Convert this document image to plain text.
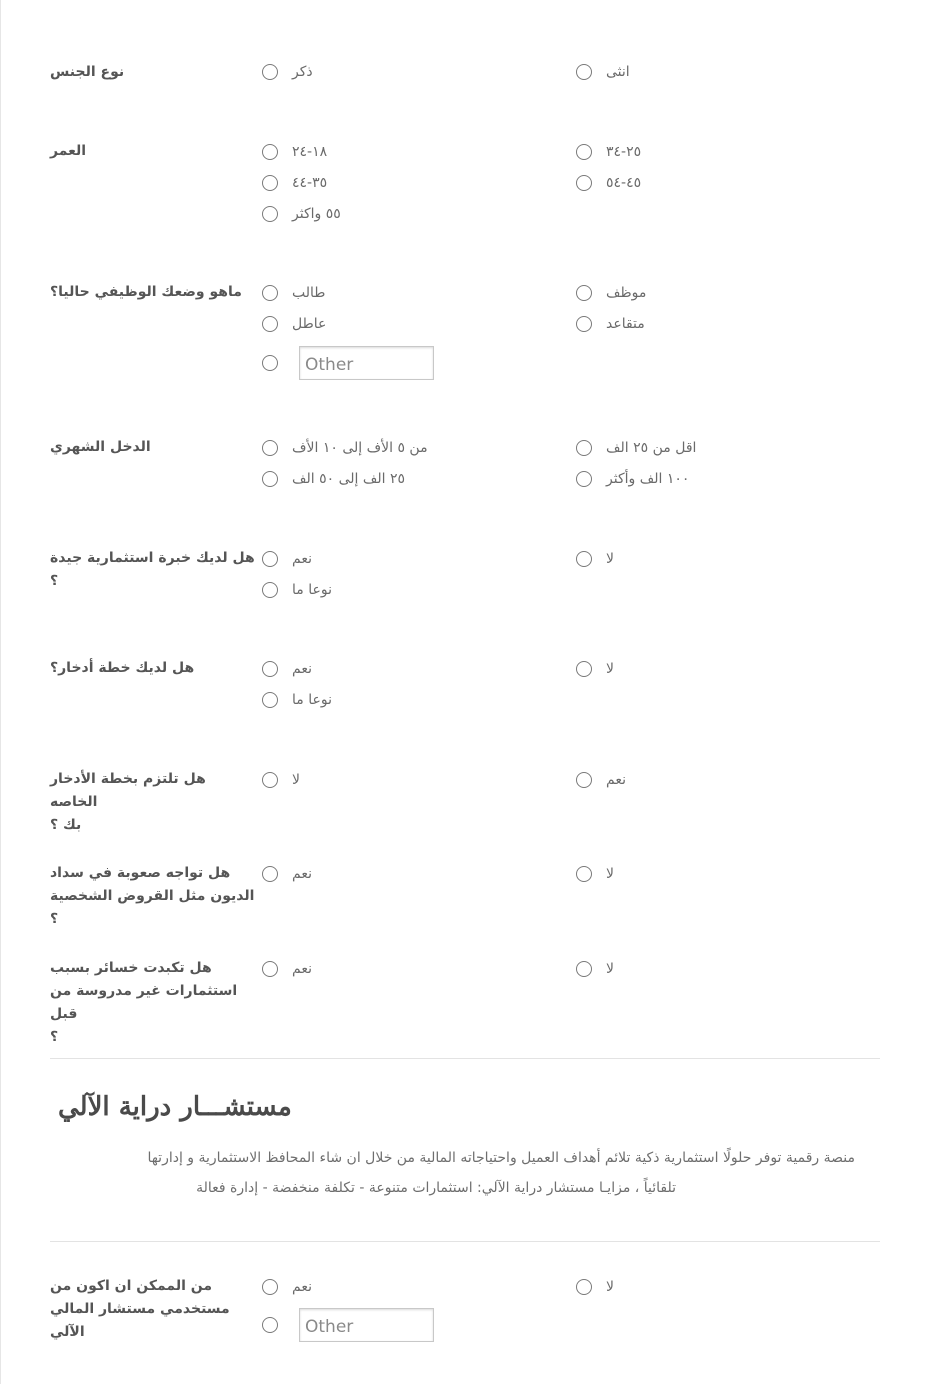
نوع الجنس	ذكر	انثى
العمر	١٨-٢٤	٢٥-٣٤
٣٥-٤٤	٤٥-٥٤
٥٥ واكثر
ماهو وضعك الوظيفي حاليا؟	طالب	موظف
عاطل	متقاعد
Other
الدخل الشهري	من ٥ الأف إلى ١٠ الأف	اقل من ٢٥ الف
٢٥ الف إلى ٥٠ الف	١٠٠ الف وأكثر
هل لديك خبرة استثمارية جيدة ؟
نعم	لا
نوعا ما
هل لديك خطة أدخار؟	نعم	لا
نوعا ما
هل تلتزم بخطة الأدخار الخاصه
بك ؟
لا	نعم
هل تواجه صعوبة في سداد
الديون مثل القروض الشخصية ؟
نعم	لا
هل تكبدت خسائر بسبب
استثمارات غير مدروسة من قبل
؟
نعم	لا
مستشـــار دراية الآلي
منصة رقمية توفر حلولًا استثمارية ذكية تلائم أهداف العميل واحتياجاته المالية من خلال ان شاء المحافظ الاستثمارية و إدارتها
تلقائياً ، مزايـا مستشار دراية الآلي: استثمارات متنوعة - تكلفة منخفضة - إدارة فعالة
من الممكن ان اكون من
مستخدمي مستشار المالي الآلي
نعم	لا
Other
